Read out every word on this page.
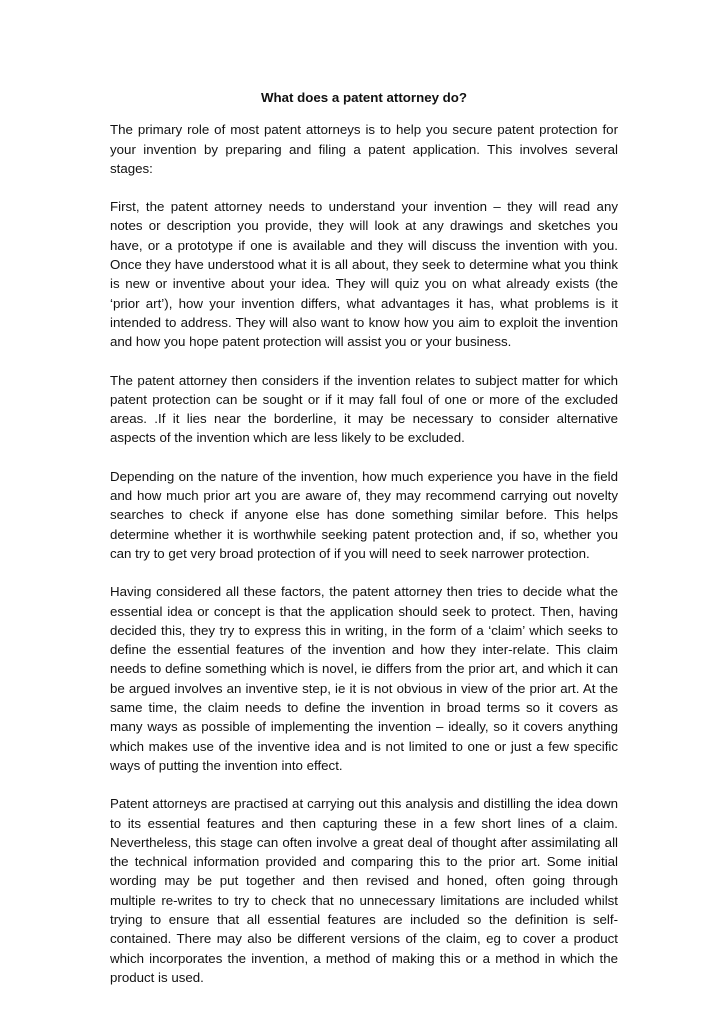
What does a patent attorney do?

The primary role of most patent attorneys is to help you secure patent protection for your invention by preparing and filing a patent application. This involves several stages:

First, the patent attorney needs to understand your invention – they will read any notes or description you provide, they will look at any drawings and sketches you have, or a prototype if one is available and they will discuss the invention with you. Once they have understood what it is all about, they seek to determine what you think is new or inventive about your idea. They will quiz you on what already exists (the ‘prior art’), how your invention differs, what advantages it has, what problems is it intended to address. They will also want to know how you aim to exploit the invention and how you hope patent protection will assist you or your business.

The patent attorney then considers if the invention relates to subject matter for which patent protection can be sought or if it may fall foul of one or more of the excluded areas. .If it lies near the borderline, it may be necessary to consider alternative aspects of the invention which are less likely to be excluded.

Depending on the nature of the invention, how much experience you have in the field and how much prior art you are aware of, they may recommend carrying out novelty searches to check if anyone else has done something similar before. This helps determine whether it is worthwhile seeking patent protection and, if so, whether you can try to get very broad protection of if you will need to seek narrower protection.

Having considered all these factors, the patent attorney then tries to decide what the essential idea or concept is that the application should seek to protect. Then, having decided this, they try to express this in writing, in the form of a ‘claim’ which seeks to define the essential features of the invention and how they inter-relate. This claim needs to define something which is novel, ie differs from the prior art, and which it can be argued involves an inventive step, ie it is not obvious in view of the prior art. At the same time, the claim needs to define the invention in broad terms so it covers as many ways as possible of implementing the invention – ideally, so it covers anything which makes use of the inventive idea and is not limited to one or just a few specific ways of putting the invention into effect.

Patent attorneys are practised at carrying out this analysis and distilling the idea down to its essential features and then capturing these in a few short lines of a claim. Nevertheless, this stage can often involve a great deal of thought after assimilating all the technical information provided and comparing this to the prior art. Some initial wording may be put together and then revised and honed, often going through multiple re-writes to try to check that no unnecessary limitations are included whilst trying to ensure that all essential features are included so the definition is self-contained. There may also be different versions of the claim, eg to cover a product which incorporates the invention, a method of making this or a method in which the product is used.
